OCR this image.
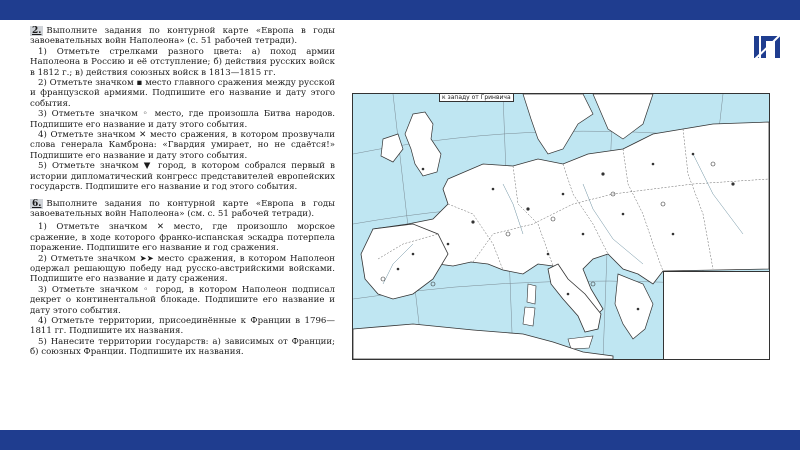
2. Выполните задания по контурной карте «Европа в годы завоевательных войн Наполеона» (с. 51 рабочей тетради).
1) Отметьте стрелками разного цвета: а) поход армии Наполеона в Россию и её отступление; б) действия русских войск в 1812 г.; в) действия союзных войск в 1813—1815 гг.
2) Отметьте значком ▪ место главного сражения между русской и французской армиями. Подпишите его название и дату этого события.
3) Отметьте значком ◦ место, где произошла Битва народов. Подпишите его название и дату этого события.
4) Отметьте значком ✕ место сражения, в котором прозвучали слова генерала Камброна: «Гвардия умирает, но не сдаётся!» Подпишите его название и дату этого события.
5) Отметьте значком ▼ город, в котором собрался первый в истории дипломатический конгресс представителей европейских государств. Подпишите его название и год этого события.
6. Выполните задания по контурной карте «Европа в годы завоевательных войн Наполеона» (см. с. 51 рабочей тетради).
1) Отметьте значком ✕ место, где произошло морское сражение, в ходе которого франко-испанская эскадра потерпела поражение. Подпишите его название и год сражения.
2) Отметьте значком ➤➤ место сражения, в котором Наполеон одержал решающую победу над русско-австрийскими войсками. Подпишите его название и дату сражения.
3) Отметьте значком ◦ город, в котором Наполеон подписал декрет о континентальной блокаде. Подпишите его название и дату этого события.
4) Отметьте территории, присоединённые к Франции в 1796—1811 гг. Подпишите их названия.
5) Нанесите территории государств: а) зависимых от Франции; б) союзных Франции. Подпишите их названия.
к западу от Гринвича
